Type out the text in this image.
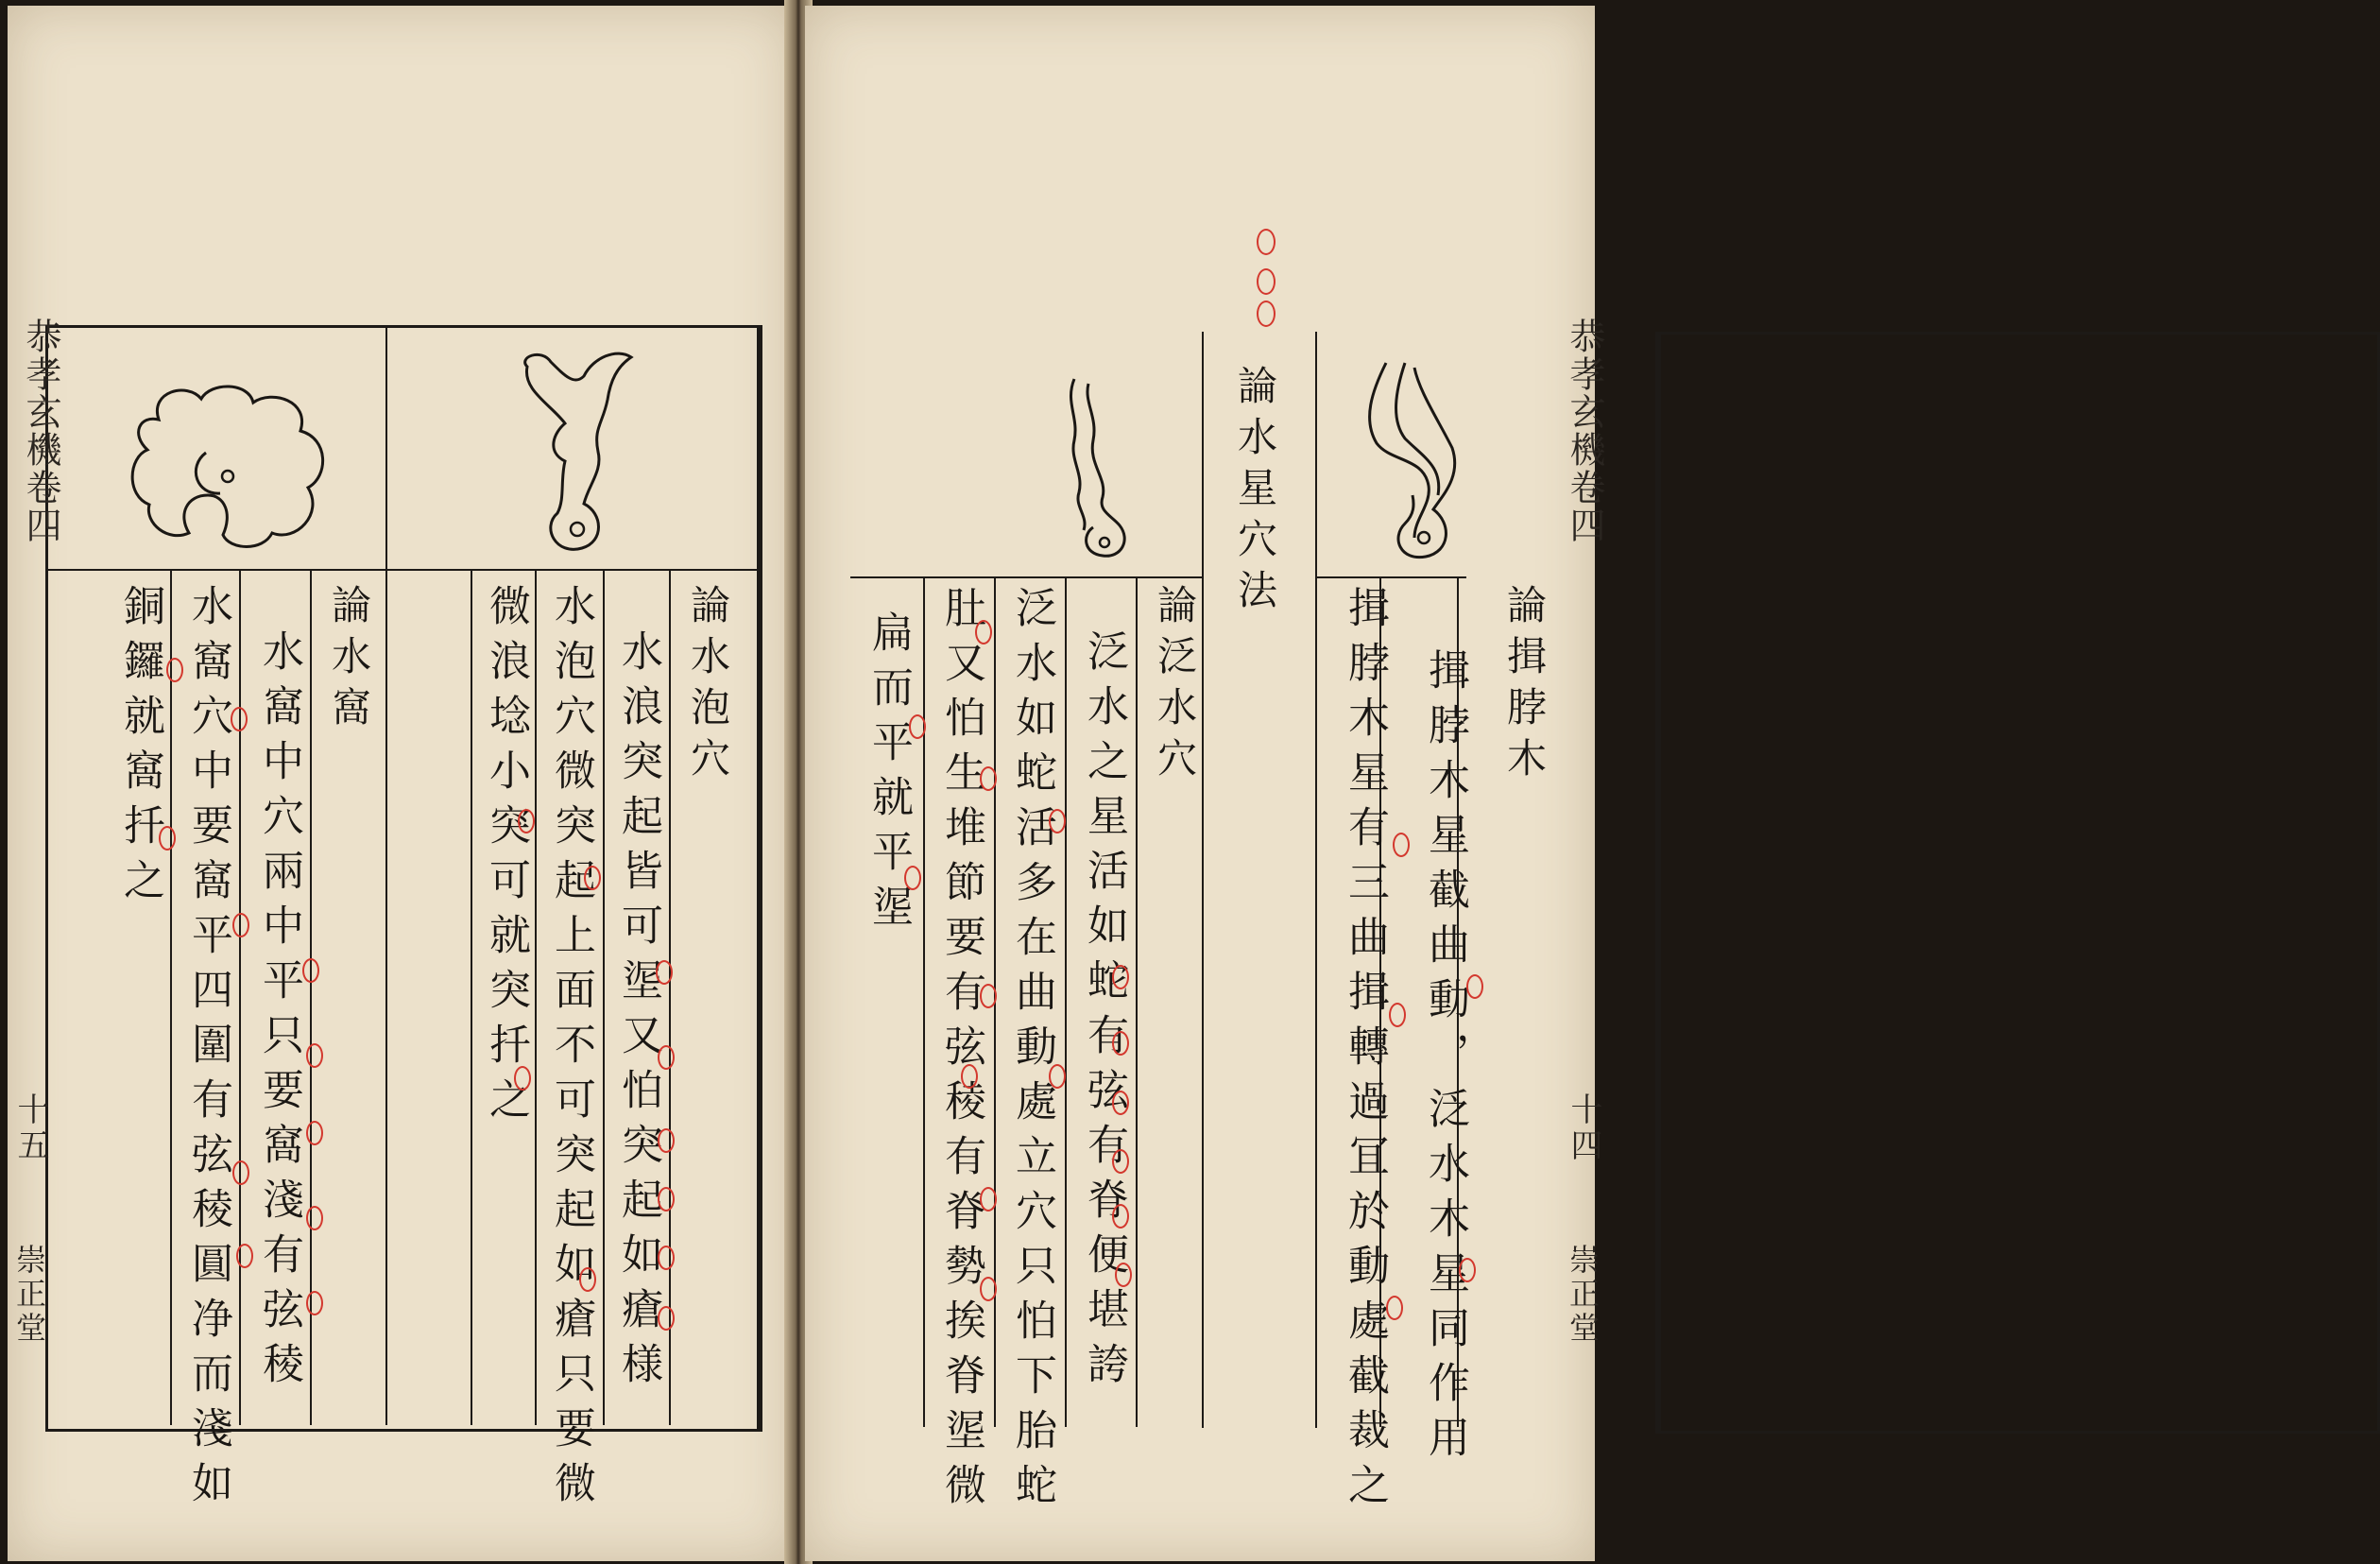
恭孝玄機卷四
十五
崇正堂
論水泡穴
水浪突起皆可埿又怕突起如瘡様
水泡穴微突起上面不可突起如瘡只要微
微浪埝小突可就突扦之
論水窩
水窩中穴兩中平只要窩淺有弦稜
水窩穴中要窩平四圍有弦稜圓净而淺如
銅鑼就窩扦之
恭孝玄機卷四
十四
崇正堂
論水星穴法
論揖脖木
揖脖木星截曲動，泛水木星同作用
揖脖木星有三曲揖轉過冝於動處截裁之
論泛水穴
泛水之星活如蛇有弦有脊便堪誇
泛水如蛇活多在曲動處立穴只怕下胎蛇
肚又怕生堆節要有弦稜有脊勢挨脊埿微
扁而平就平埿
